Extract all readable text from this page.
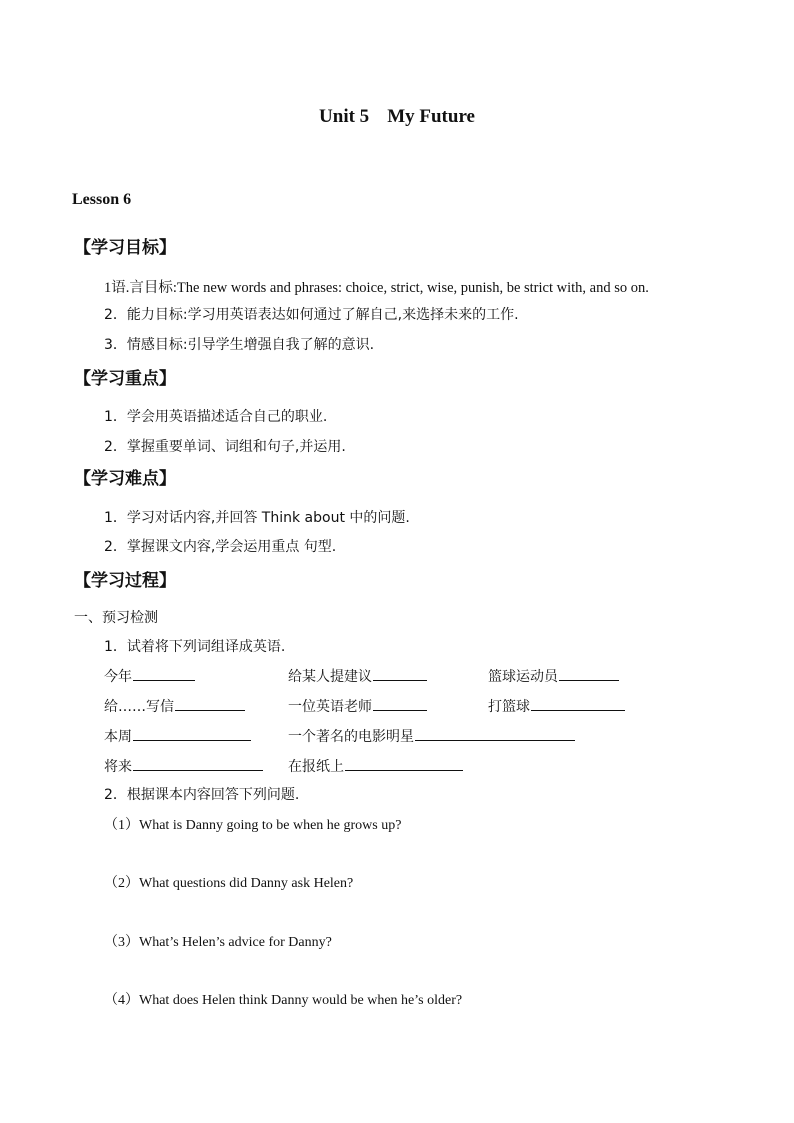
Unit 5 My Future
Lesson 6
【学习目标】
1语.言目标:The new words and phrases: choice, strict, wise, punish, be strict with, and so on.
2．能力目标:学习用英语表达如何通过了解自己,来选择未来的工作.
3．情感目标:引导学生增强自我了解的意识.
【学习重点】
1．学会用英语描述适合自己的职业.
2．掌握重要单词、词组和句子,并运用.
【学习难点】
1．学习对话内容,并回答 Think about 中的问题.
2．掌握课文内容,学会运用重点 句型.
【学习过程】
一、预习检测
1．试着将下列词组译成英语.
今年	给某人提建议	篮球运动员
给……写信	一位英语老师	打篮球
本周	一个著名的电影明星
将来	在报纸上
2．根据课本内容回答下列问题.
（1）What is Danny going to be when he grows up?
（2）What questions did Danny ask Helen?
（3）What’s Helen’s advice for Danny?
（4）What does Helen think Danny would be when he’s older?
